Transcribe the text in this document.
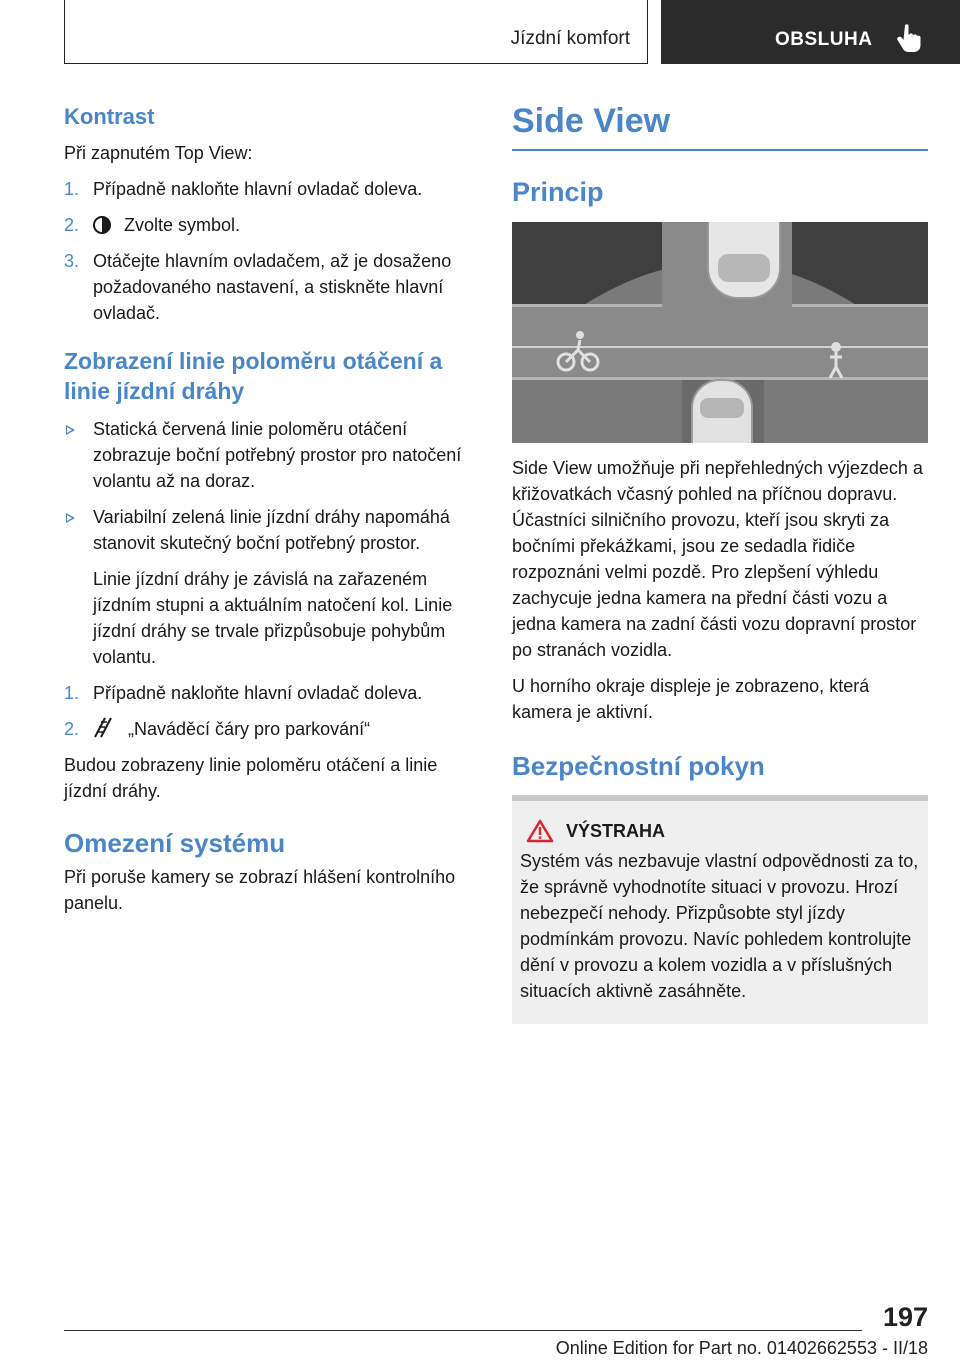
Jízdní komfort	OBSLUHA
Kontrast

Při zapnutém Top View:

1. Případně nakloňte hlavní ovladač doleva.
2.	Zvolte symbol.
3. Otáčejte hlavním ovladačem, až je dosaženo požadovaného nastavení, a stiskněte hlavní ovladač.
Zobrazení linie poloměru otáčení a linie jízdní dráhy
Statická červená linie poloměru otáčení zobrazuje boční potřebný prostor pro natočení volantu až na doraz.
Variabilní zelená linie jízdní dráhy napomáhá stanovit skutečný boční potřebný prostor.
Linie jízdní dráhy je závislá na zařazeném jízdním stupni a aktuálním natočení kol. Linie jízdní dráhy se trvale přizpůsobuje pohybům volantu.
1. Případně nakloňte hlavní ovladač doleva.
2.	„Naváděcí čáry pro parkování“

Budou zobrazeny linie poloměru otáčení a linie jízdní dráhy.

Omezení systému

Při poruše kamery se zobrazí hlášení kontrolního panelu.

Side View
Princip

Side View umožňuje při nepřehledných výjezdech a křižovatkách včasný pohled na příčnou dopravu. Účastníci silničního provozu, kteří jsou skryti za bočními překážkami, jsou ze sedadla řidiče rozpoznáni velmi pozdě. Pro zlepšení výhledu zachycuje jedna kamera na přední části vozu a jedna kamera na zadní části vozu dopravní prostor po stranách vozidla.

U horního okraje displeje je zobrazeno, která kamera je aktivní.

Bezpečnostní pokyn
VÝSTRAHA

Systém vás nezbavuje vlastní odpovědnosti za to, že správně vyhodnotíte situaci v provozu. Hrozí nebezpečí nehody. Přizpůsobte styl jízdy podmínkám provozu. Navíc pohledem kontrolujte dění v provozu a kolem vozidla a v příslušných situacích aktivně zasáhněte.

197
Online Edition for Part no. 01402662553 - II/18
